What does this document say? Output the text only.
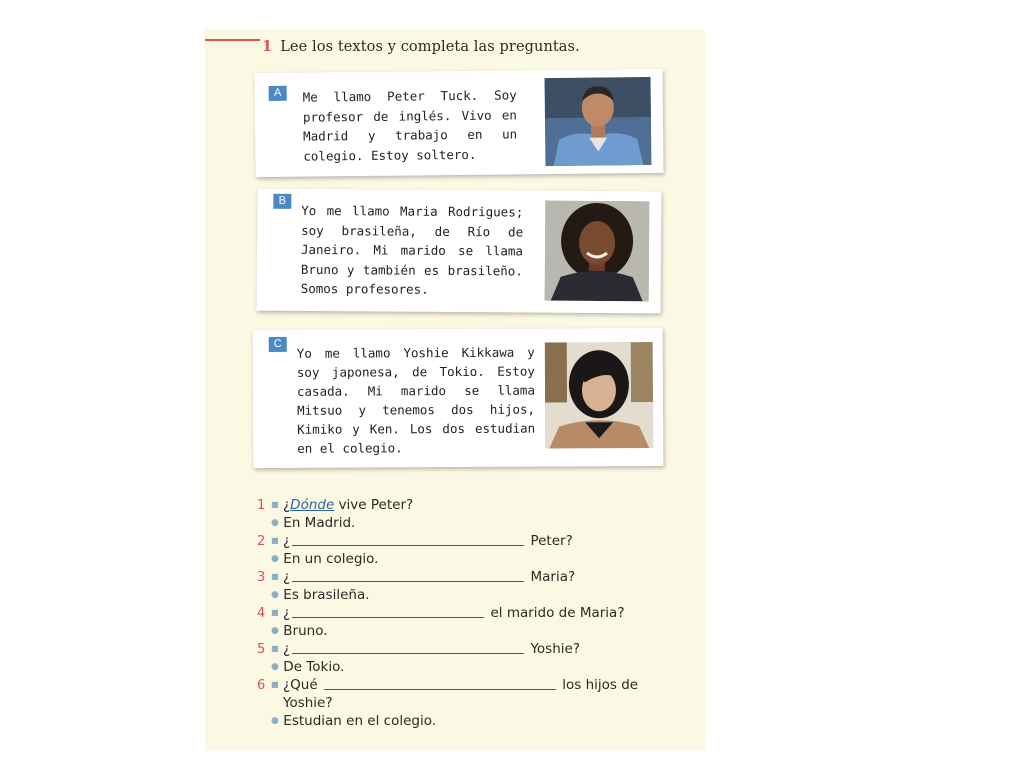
1 Lee los textos y completa las preguntas.
A	Me llamo Peter Tuck. Soy profesor de inglés. Vivo en Madrid y trabajo en un colegio. Estoy soltero.
B
Yo me llamo Maria Rodrigues; soy brasileña, de Río de Janeiro. Mi marido se llama Bruno y también es brasileño. Somos profesores.
C
Yo me llamo Yoshie Kikkawa y soy japonesa, de Tokio. Estoy casada. Mi marido se llama Mitsuo y tenemos dos hijos, Kimiko y Ken. Los dos estudian en el colegio.
1 ■ ¿Dónde vive Peter?
● En Madrid.
2 ■ ¿	Peter?
● En un colegio.
3 ■ ¿	Maria?
● Es brasileña.
4 ■ ¿	el marido de Maria?
● Bruno.
5 ■ ¿	Yoshie?
● De Tokio.
6 ■ ¿Qué	los hijos de
Yoshie?
● Estudian en el colegio.
